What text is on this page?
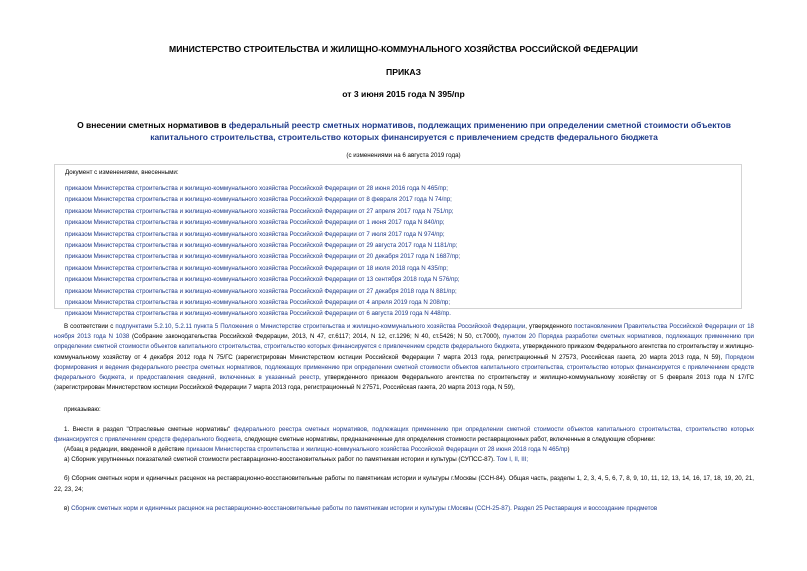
МИНИСТЕРСТВО СТРОИТЕЛЬСТВА И ЖИЛИЩНО-КОММУНАЛЬНОГО ХОЗЯЙСТВА РОССИЙСКОЙ ФЕДЕРАЦИИ
ПРИКАЗ
от 3 июня 2015 года N 395/пр
О внесении сметных нормативов в федеральный реестр сметных нормативов, подлежащих применению при определении сметной стоимости объектов капитального строительства, строительство которых финансируется с привлечением средств федерального бюджета
(с изменениями на 6 августа 2019 года)
Документ с изменениями, внесенными:
приказом Министерства строительства и жилищно-коммунального хозяйства Российской Федерации от 28 июня 2016 года N 465/пр;
приказом Министерства строительства и жилищно-коммунального хозяйства Российской Федерации от 8 февраля 2017 года N 74/пр;
приказом Министерства строительства и жилищно-коммунального хозяйства Российской Федерации от 27 апреля 2017 года N 751/пр;
приказом Министерства строительства и жилищно-коммунального хозяйства Российской Федерации от 1 июня 2017 года N 840/пр;
приказом Министерства строительства и жилищно-коммунального хозяйства Российской Федерации от 7 июля 2017 года N 974/пр;
приказом Министерства строительства и жилищно-коммунального хозяйства Российской Федерации от 29 августа 2017 года N 1181/пр;
приказом Министерства строительства и жилищно-коммунального хозяйства Российской Федерации от 20 декабря 2017 года N 1687/пр;
приказом Министерства строительства и жилищно-коммунального хозяйства Российской Федерации от 18 июля 2018 года N 435/пр;
приказом Министерства строительства и жилищно-коммунального хозяйства Российской Федерации от 13 сентября 2018 года N 576/пр;
приказом Министерства строительства и жилищно-коммунального хозяйства Российской Федерации от 27 декабря 2018 года N 881/пр;
приказом Министерства строительства и жилищно-коммунального хозяйства Российской Федерации от 4 апреля 2019 года N 208/пр;
приказом Министерства строительства и жилищно-коммунального хозяйства Российской Федерации от 6 августа 2019 года N 448/пр.

В соответствии с подпунктами 5.2.10, 5.2.11 пункта 5 Положения о Министерстве строительства и жилищно-коммунального хозяйства Российской Федерации, утвержденного постановлением Правительства Российской Федерации от 18 ноября 2013 года N 1038 (Собрание законодательства Российской Федерации, 2013, N 47, ст.6117; 2014, N 12, ст.1296; N 40, ст.5426; N 50, ст.7000), пунктом 20 Порядка разработки сметных нормативов, подлежащих применению при определении сметной стоимости объектов капитального строительства, строительство которых финансируется с привлечением средств федерального бюджета, утвержденного приказом Федерального агентства по строительству и жилищно-коммунальному хозяйству от 4 декабря 2012 года N 75/ГС (зарегистрирован Министерством юстиции Российской Федерации 7 марта 2013 года, регистрационный N 27573, Российская газета, 20 марта 2013 года, N 59), Порядком формирования и ведения федерального реестра сметных нормативов, подлежащих применению при определении сметной стоимости объектов капитального строительства, строительство которых финансируется с привлечением средств федерального бюджета, и предоставления сведений, включенных в указанный реестр, утвержденного приказом Федерального агентства по строительству и жилищно-коммунальному хозяйству от 5 февраля 2013 года N 17/ГС (зарегистрирован Министерством юстиции Российской Федерации 7 марта 2013 года, регистрационный N 27571, Российская газета, 20 марта 2013 года, N 59),

приказываю:

1. Внести в раздел "Отраслевые сметные нормативы" федерального реестра сметных нормативов, подлежащих применению при определении сметной стоимости объектов капитального строительства, строительство которых финансируется с привлечением средств федерального бюджета, следующие сметные нормативы, предназначенные для определения стоимости реставрационных работ, включенные в следующие сборники:

(Абзац в редакции, введенной в действие приказом Министерства строительства и жилищно-коммунального хозяйства Российской Федерации от 28 июня 2018 года N 465/пр)

а) Сборник укрупненных показателей сметной стоимости реставрационно-восстановительных работ по памятникам истории и культуры (СУПСС-87). Том I, II, III;

б) Сборник сметных норм и единичных расценок на реставрационно-восстановительные работы по памятникам истории и культуры г.Москвы (ССН-84). Общая часть, разделы 1, 2, 3, 4, 5, 6, 7, 8, 9, 10, 11, 12, 13, 14, 16, 17, 18, 19, 20, 21, 22, 23, 24;

в) Сборник сметных норм и единичных расценок на реставрационно-восстановительные работы по памятникам истории и культуры г.Москвы (ССН-25-87). Раздел 25 Реставрация и воссоздание предметов
